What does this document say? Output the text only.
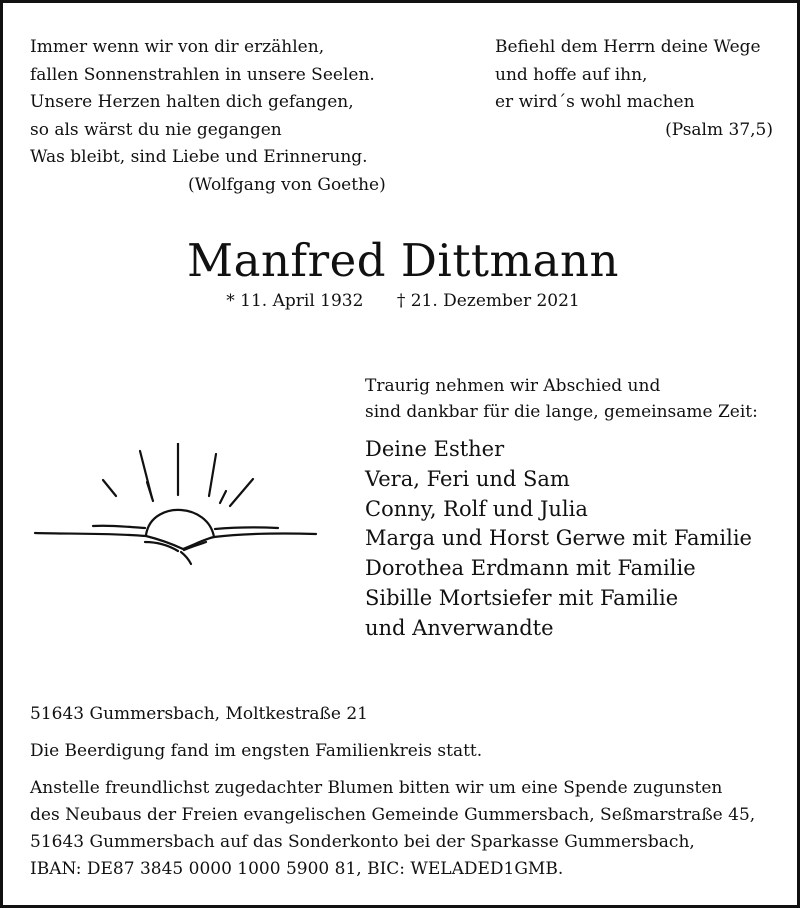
Immer wenn wir von dir erzählen,
fallen Sonnenstrahlen in unsere Seelen.
Unsere Herzen halten dich gefangen,
so als wärst du nie gegangen
Was bleibt, sind Liebe und Erinnerung.
(Wolfgang von Goethe)
Befiehl dem Herrn deine Wege
und hoffe auf ihn,
er wird´s wohl machen
(Psalm 37,5)
Manfred Dittmann
* 11. April 1932 † 21. Dezember 2021
Traurig nehmen wir Abschied und
sind dankbar für die lange, gemeinsame Zeit:
Deine Esther
Vera, Feri und Sam
Conny, Rolf und Julia
Marga und Horst Gerwe mit Familie
Dorothea Erdmann mit Familie
Sibille Mortsiefer mit Familie
und Anverwandte

51643 Gummersbach, Moltkestraße 21

Die Beerdigung fand im engsten Familienkreis statt.

Anstelle freundlichst zugedachter Blumen bitten wir um eine Spende zugunsten
des Neubaus der Freien evangelischen Gemeinde Gummersbach, Seßmarstraße 45,
51643 Gummersbach auf das Sonderkonto bei der Sparkasse Gummersbach,
IBAN: DE87 3845 0000 1000 5900 81, BIC: WELADED1GMB.
